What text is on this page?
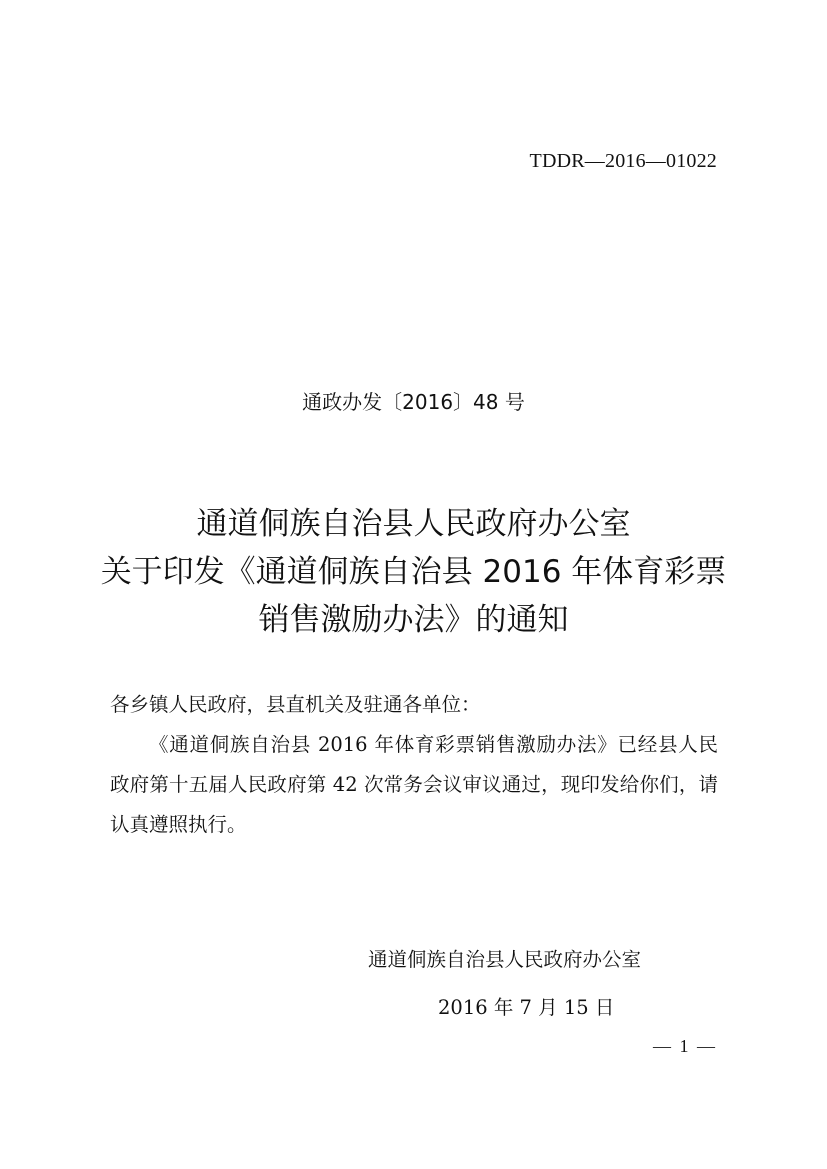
TDDR—2016—01022
通政办发〔2016〕48 号
通道侗族自治县人民政府办公室
关于印发《通道侗族自治县 2016 年体育彩票
销售激励办法》的通知

各乡镇人民政府，县直机关及驻通各单位：

《通道侗族自治县 2016 年体育彩票销售激励办法》已经县人民政府第十五届人民政府第 42 次常务会议审议通过，现印发给你们，请认真遵照执行。

通道侗族自治县人民政府办公室
2016 年 7 月 15 日
— 1 —
